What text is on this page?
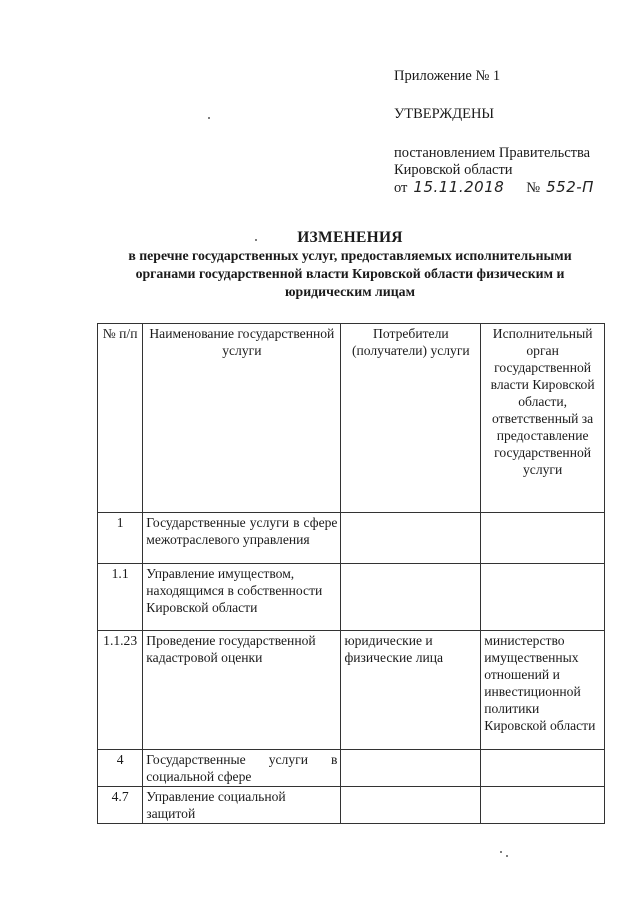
Приложение № 1
УТВЕРЖДЕНЫ
постановлением Правительства
Кировской области
от 15.11.2018 № 552-П
ИЗМЕНЕНИЯ
в перечне государственных услуг, предоставляемых исполнительными органами государственной власти Кировской области физическим и юридическим лицам
№ п/п	Наименование государственной услуги	Потребители (получатели) услуги	Исполнительный орган государственной власти Кировской области, ответственный за предоставление государственной услуги
1	Государственные услуги в сфере межотраслевого управления		
1.1	Управление имуществом, находящимся в собственности Кировской области		
1.1.23	Проведение государственной кадастровой оценки	юридические и физические лица	министерство имущественных отношений и инвестиционной политики Кировской области
4	Государственные услуги в социальной сфере		
4.7	Управление социальной защитой		
